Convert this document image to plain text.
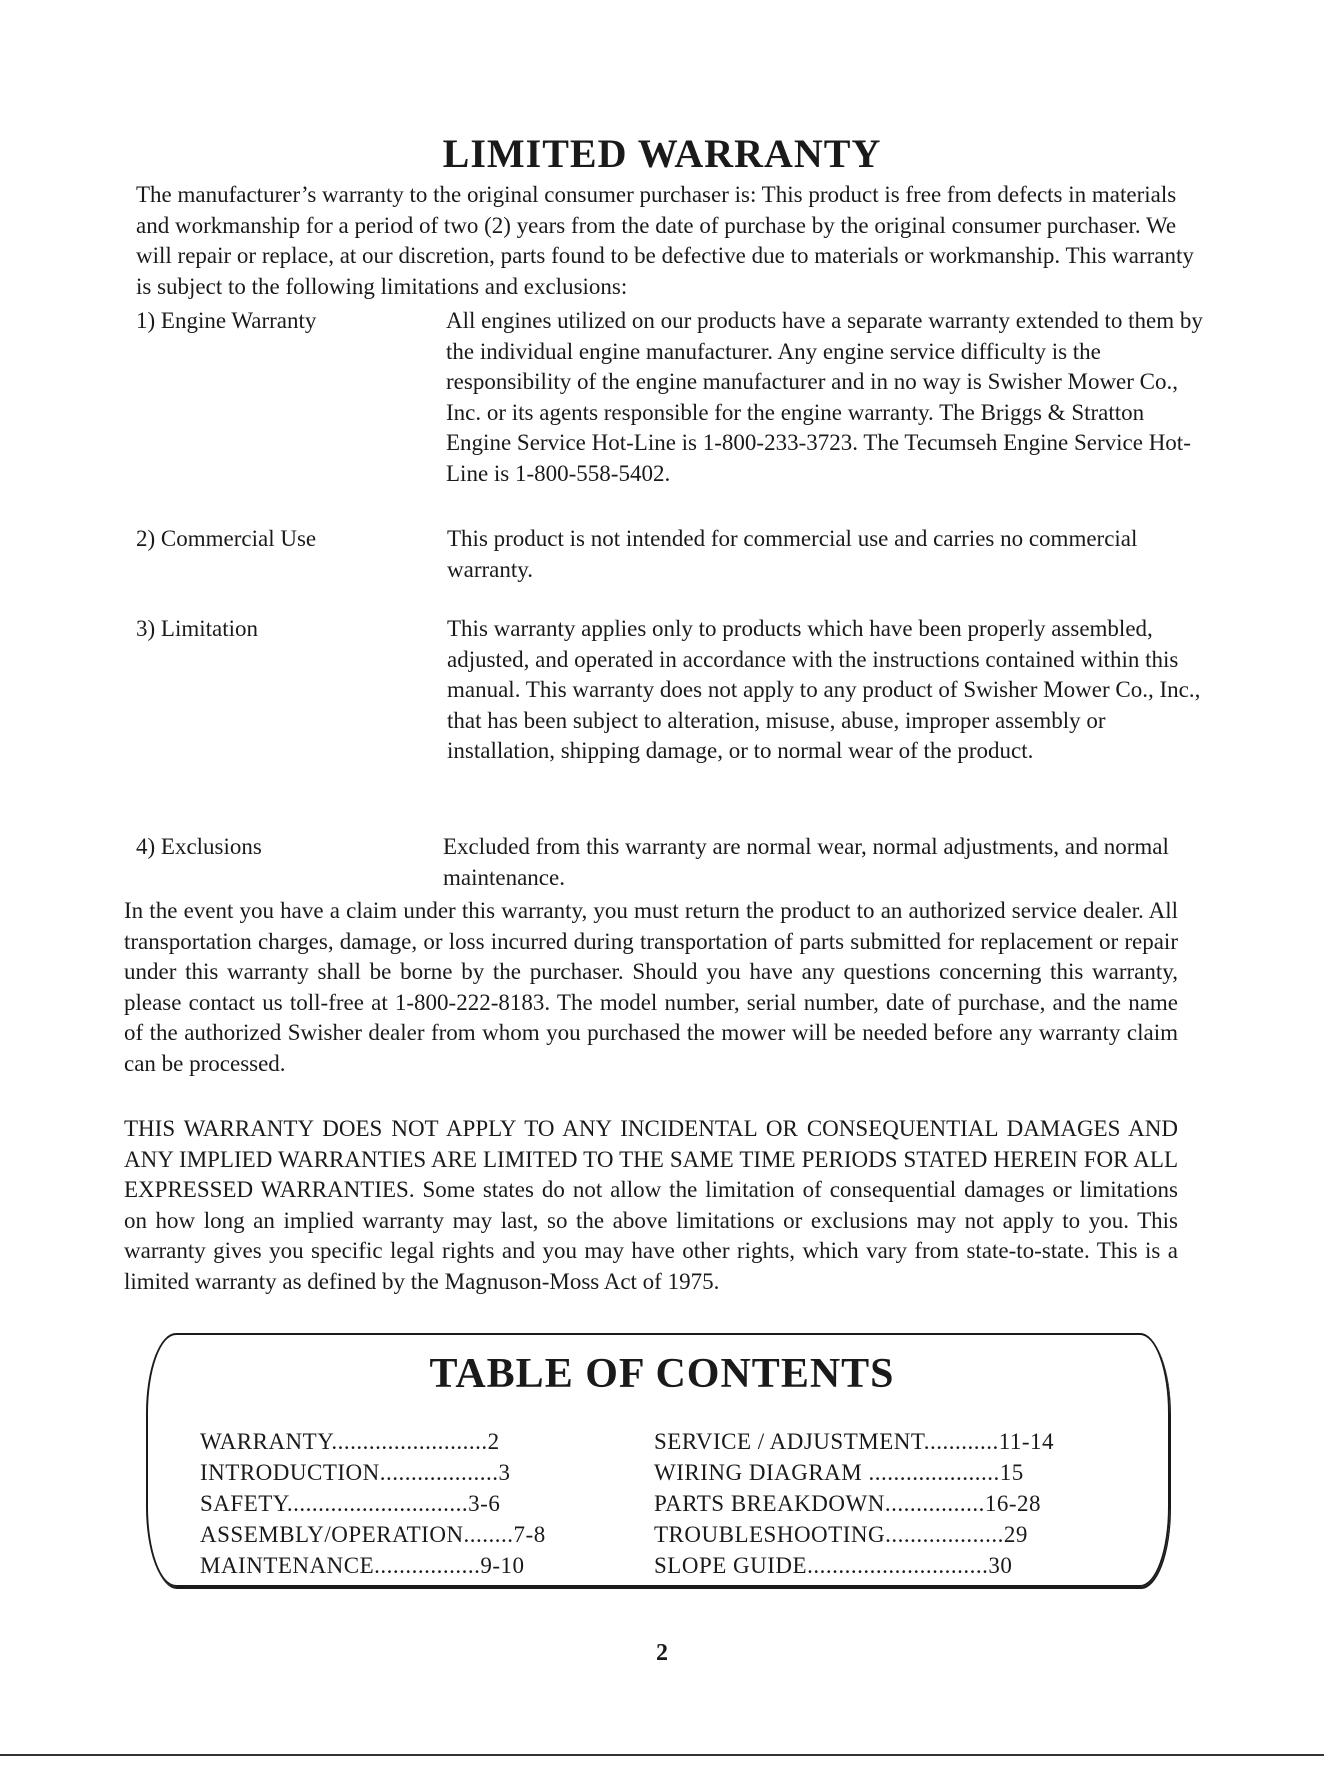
LIMITED WARRANTY

The manufacturer’s warranty to the original consumer purchaser is: This product is free from defects in materials and workmanship for a period of two (2) years from the date of purchase by the original consumer purchaser. We will repair or replace, at our discretion, parts found to be defective due to materials or workmanship. This warranty is subject to the following limitations and exclusions:

1) Engine Warranty	All engines utilized on our products have a separate warranty extended to them by the individual engine manufacturer. Any engine service difficulty is the responsibility of the engine manufacturer and in no way is Swisher Mower Co., Inc. or its agents responsible for the engine warranty. The Briggs & Stratton Engine Service Hot-Line is 1-800-233-3723. The Tecumseh Engine Service Hot-Line is 1-800-558-5402.
2) Commercial Use	This product is not intended for commercial use and carries no commercial warranty.
3) Limitation	This warranty applies only to products which have been properly assembled, adjusted, and operated in accordance with the instructions contained within this manual. This warranty does not apply to any product of Swisher Mower Co., Inc., that has been subject to alteration, misuse, abuse, improper assembly or installation, shipping damage, or to normal wear of the product.
4) Exclusions	Excluded from this warranty are normal wear, normal adjustments, and normal maintenance.

In the event you have a claim under this warranty, you must return the product to an authorized service dealer. All transportation charges, damage, or loss incurred during transportation of parts submitted for replacement or repair under this warranty shall be borne by the purchaser. Should you have any questions concerning this warranty, please contact us toll-free at 1-800-222-8183. The model number, serial number, date of purchase, and the name of the authorized Swisher dealer from whom you purchased the mower will be needed before any warranty claim can be processed.

THIS WARRANTY DOES NOT APPLY TO ANY INCIDENTAL OR CONSEQUENTIAL DAMAGES AND ANY IMPLIED WARRANTIES ARE LIMITED TO THE SAME TIME PERIODS STATED HEREIN FOR ALL EXPRESSED WARRANTIES. Some states do not allow the limitation of consequential damages or limitations on how long an implied warranty may last, so the above limitations or exclusions may not apply to you. This warranty gives you specific legal rights and you may have other rights, which vary from state-to-state. This is a limited warranty as defined by the Magnuson-Moss Act of 1975.

TABLE OF CONTENTS
WARRANTY.........................2
INTRODUCTION...................3
SAFETY.............................3-6
ASSEMBLY/OPERATION........7-8
MAINTENANCE.................9-10
SERVICE / ADJUSTMENT............11-14
WIRING DIAGRAM .....................15
PARTS BREAKDOWN................16-28
TROUBLESHOOTING...................29
SLOPE GUIDE.............................30
2
